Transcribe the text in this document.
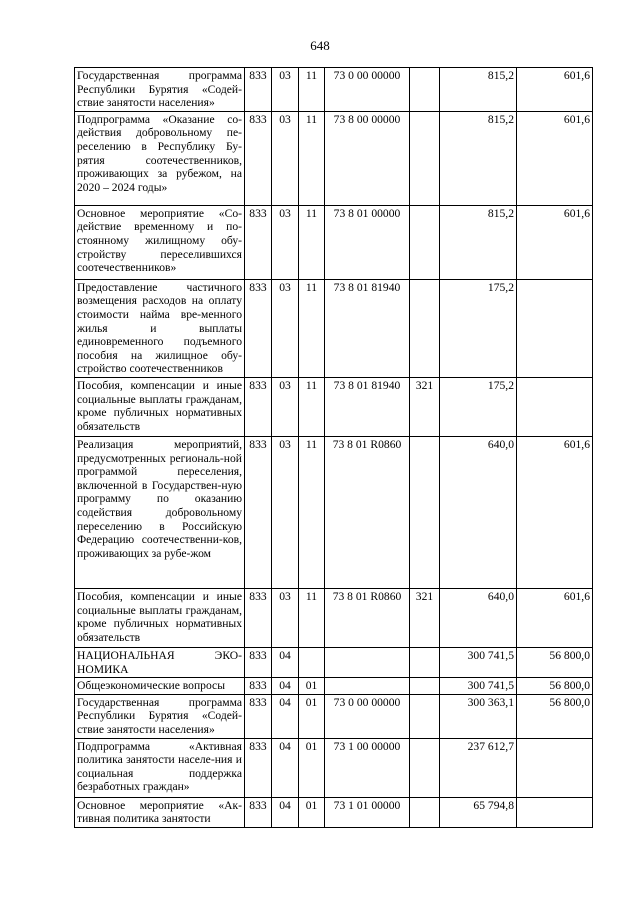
648
Государственная программа Республики Бурятия «Содей-ствие занятости населения»	833	03	11	73 0 00 00000		815,2	601,6
Подпрограмма «Оказание со-действия добровольному пе-реселению в Республику Бу-рятия соотечественников, проживающих за рубежом, на 2020 – 2024 годы»	833	03	11	73 8 00 00000		815,2	601,6
Основное мероприятие «Со-действие временному и по-стоянному жилищному обу-стройству переселившихся соотечественников»	833	03	11	73 8 01 00000		815,2	601,6
Предоставление частичного возмещения расходов на оплату стоимости найма вре-менного жилья и выплаты единовременного подъемного пособия на жилищное обу-стройство соотечественников	833	03	11	73 8 01 81940		175,2	
Пособия, компенсации и иные социальные выплаты гражданам, кроме публичных нормативных обязательств	833	03	11	73 8 01 81940	321	175,2	
Реализация мероприятий, предусмотренных региональ-ной программой переселения, включенной в Государствен-ную программу по оказанию содействия добровольному переселению в Российскую Федерацию соотечественни-ков, проживающих за рубе-жом	833	03	11	73 8 01 R0860		640,0	601,6
Пособия, компенсации и иные социальные выплаты гражданам, кроме публичных нормативных обязательств	833	03	11	73 8 01 R0860	321	640,0	601,6
НАЦИОНАЛЬНАЯ ЭКО-НОМИКА	833	04				300 741,5	56 800,0
Общеэкономические вопросы	833	04	01			300 741,5	56 800,0
Государственная программа Республики Бурятия «Содей-ствие занятости населения»	833	04	01	73 0 00 00000		300 363,1	56 800,0
Подпрограмма «Активная политика занятости населе-ния и социальная поддержка безработных граждан»	833	04	01	73 1 00 00000		237 612,7	
Основное мероприятие «Ак-тивная политика занятости	833	04	01	73 1 01 00000		65 794,8	
